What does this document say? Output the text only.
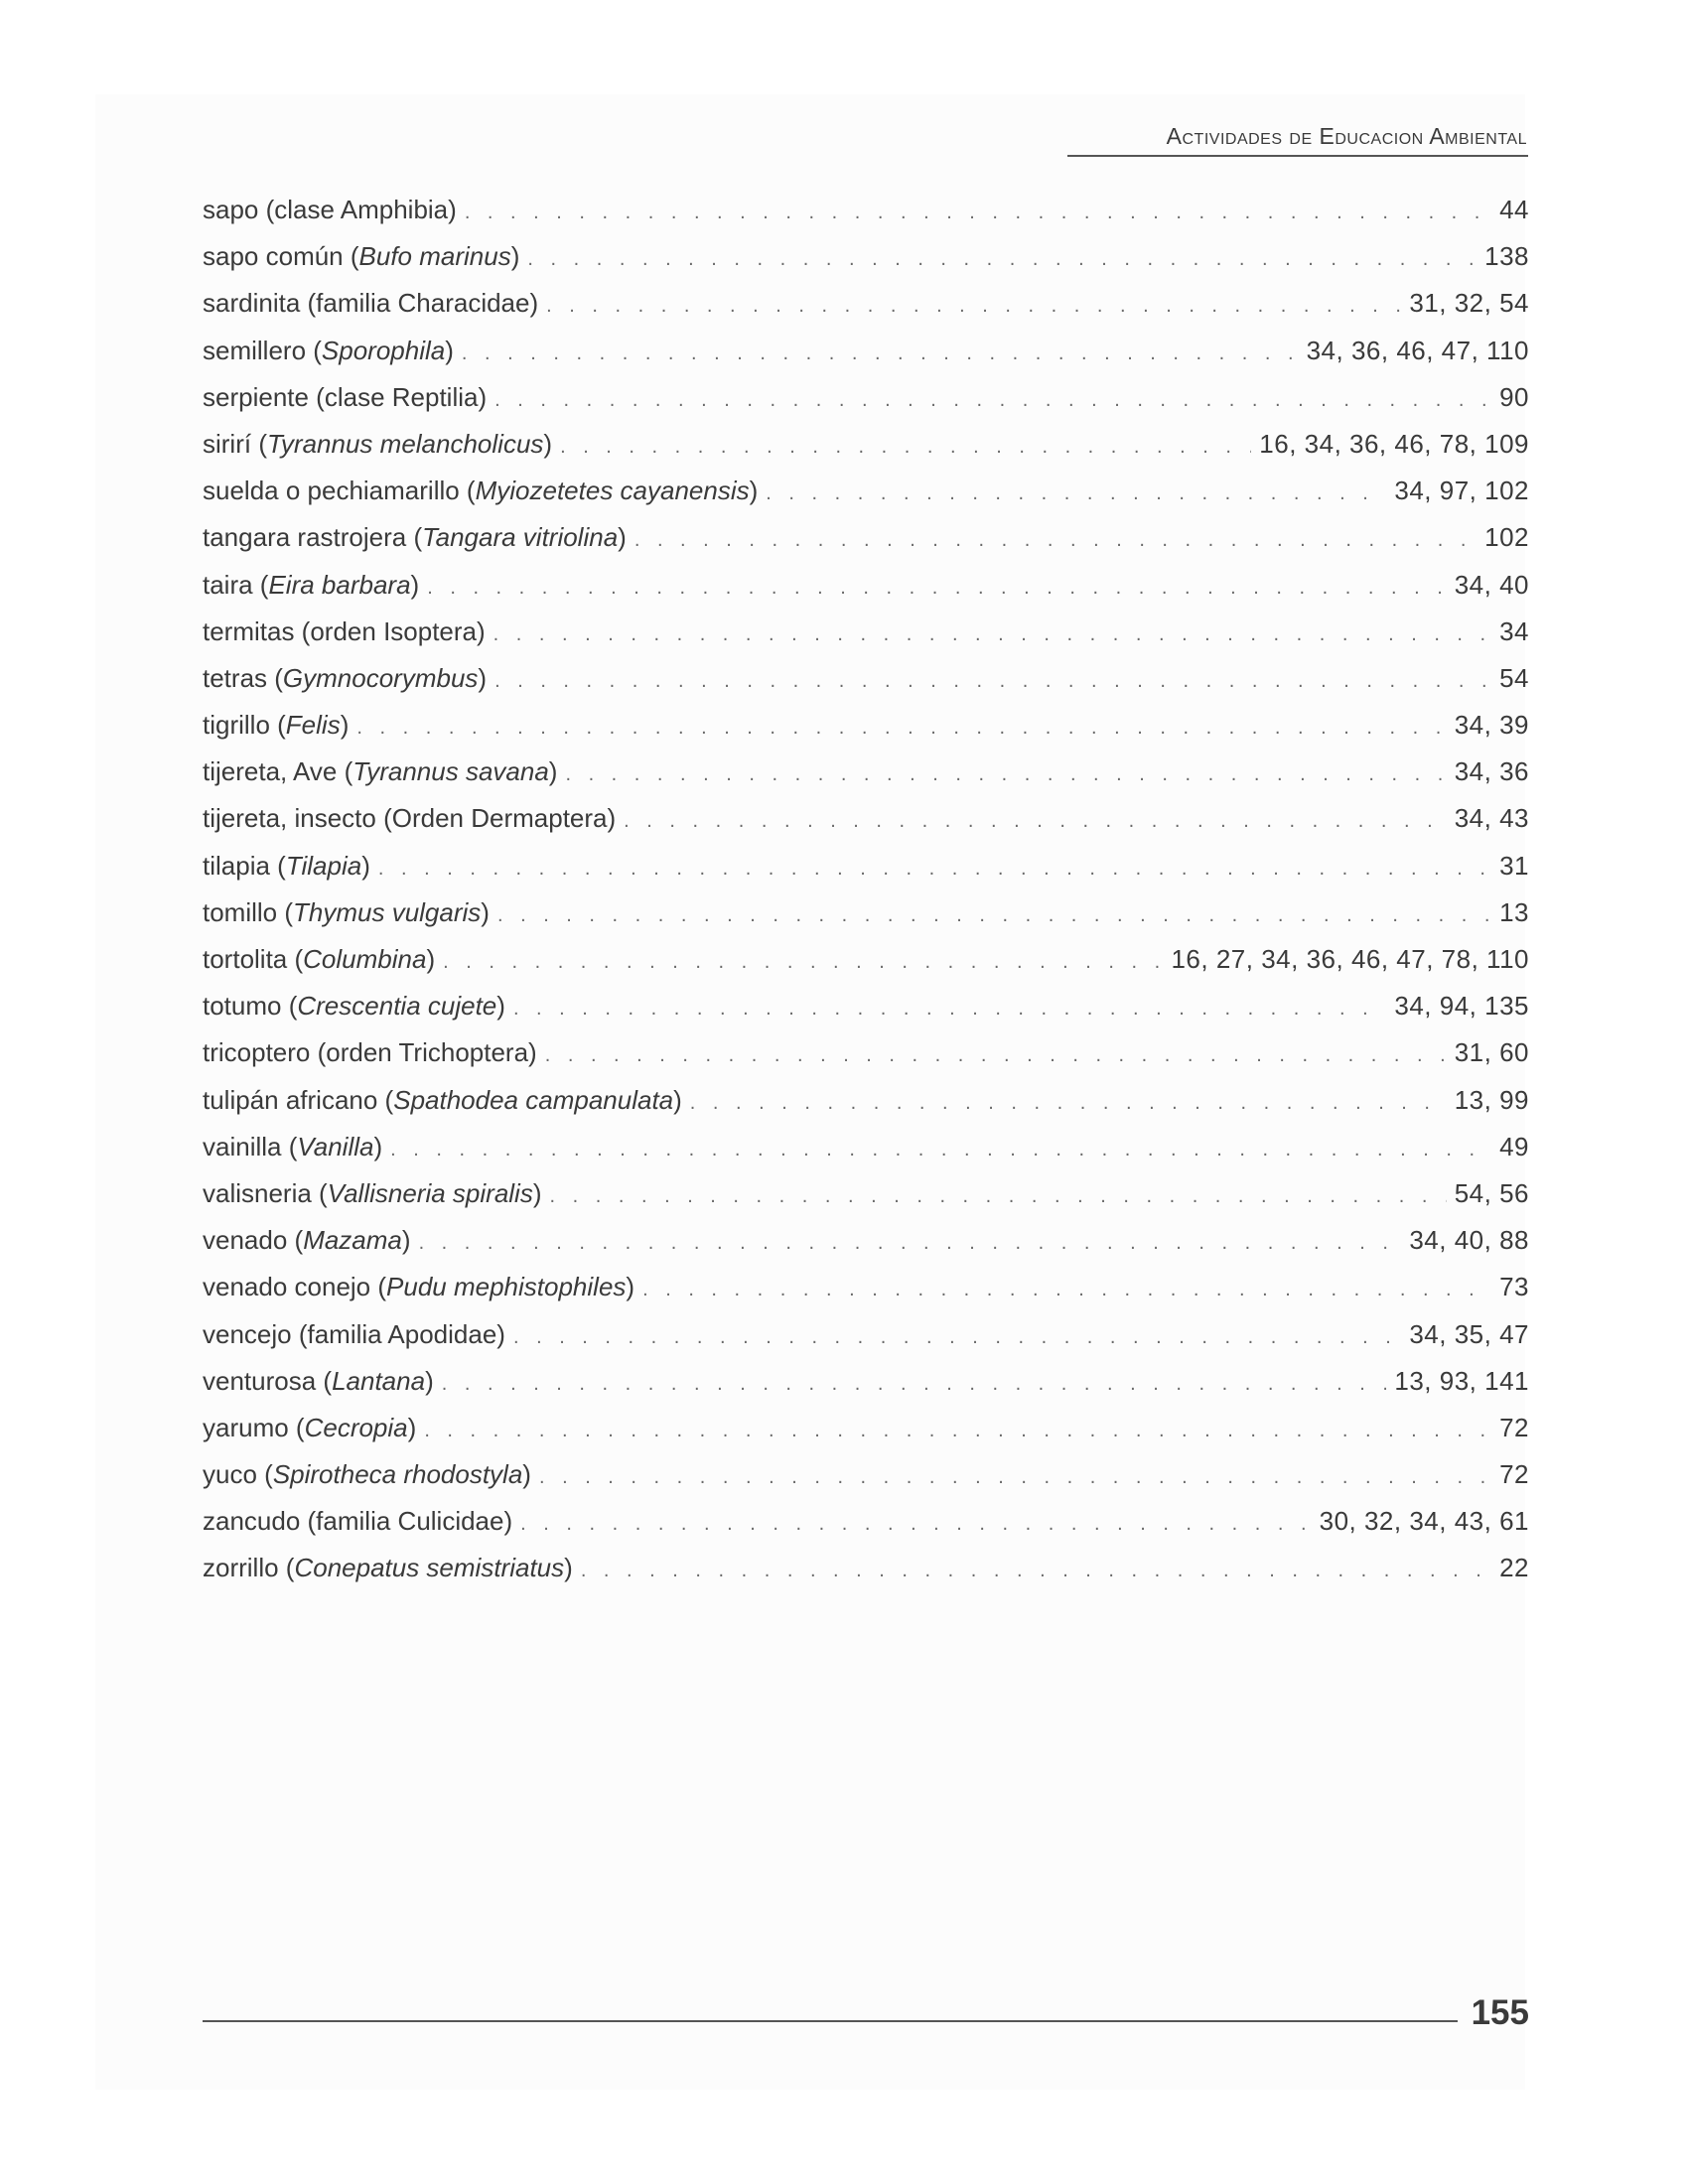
Actividades de Educacion Ambiental
sapo (clase Amphibia) . . .	44
sapo común (Bufo marinus) . . .	138
sardinita (familia Characidae) . . .	31, 32, 54
semillero (Sporophila) . . .	34, 36, 46, 47, 110
serpiente (clase Reptilia) . . .	90
sirirí (Tyrannus melancholicus) . . .	16, 34, 36, 46, 78, 109
suelda o pechiamarillo (Myiozetetes cayanensis) . . .	34, 97, 102
tangara rastrojera (Tangara vitriolina) . . .	102
taira (Eira barbara) . . .	34, 40
termitas (orden Isoptera) . . .	34
tetras (Gymnocorymbus) . . .	54
tigrillo (Felis) . . .	34, 39
tijereta, Ave (Tyrannus savana) . . .	34, 36
tijereta, insecto (Orden Dermaptera) . . .	34, 43
tilapia (Tilapia) . . .	31
tomillo (Thymus vulgaris) . . .	13
tortolita (Columbina) . . .	16, 27, 34, 36, 46, 47, 78, 110
totumo (Crescentia cujete) . . .	34, 94, 135
tricoptero (orden Trichoptera) . . .	31, 60
tulipán africano (Spathodea campanulata) . . .	13, 99
vainilla (Vanilla) . . .	49
valisneria (Vallisneria spiralis) . . .	54, 56
venado (Mazama) . . .	34, 40, 88
venado conejo (Pudu mephistophiles) . . .	73
vencejo (familia Apodidae) . . .	34, 35, 47
venturosa (Lantana) . . .	13, 93, 141
yarumo (Cecropia) . . .	72
yuco (Spirotheca rhodostyla) . . .	72
zancudo (familia Culicidae) . . .	30, 32, 34, 43, 61
zorrillo (Conepatus semistriatus) . . .	22
155
